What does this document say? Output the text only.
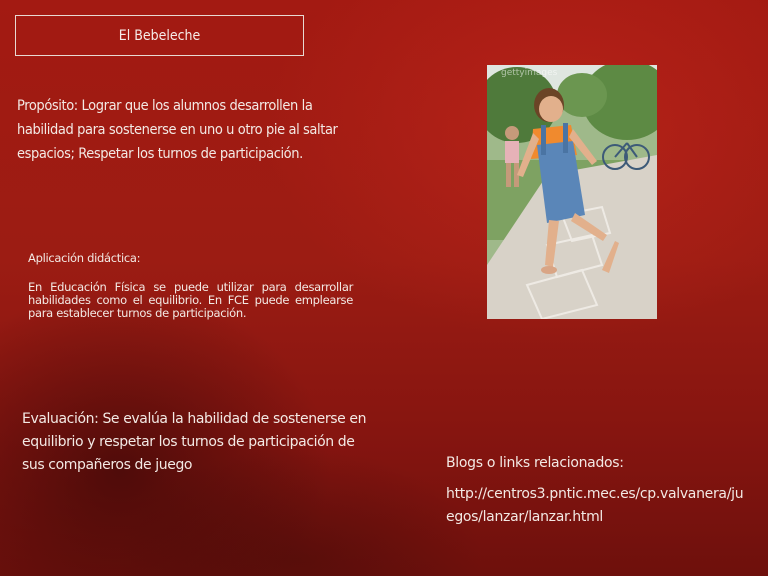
El Bebeleche
Propósito: Lograr que los alumnos desarrollen la habilidad para sostenerse en uno u otro pie al saltar espacios; Respetar los turnos de participación.
Aplicación didáctica:
En Educación Física se puede utilizar para desarrollar habilidades como el equilibrio. En FCE puede emplearse para establecer turnos de participación.
Evaluación: Se evalúa la habilidad de sostenerse en equilibrio y respetar los turnos de participación de sus compañeros de juego	Blogs o links relacionados:
http://centros3.pntic.mec.es/cp.valvanera/juegos/lanzar/lanzar.html
gettyimages
